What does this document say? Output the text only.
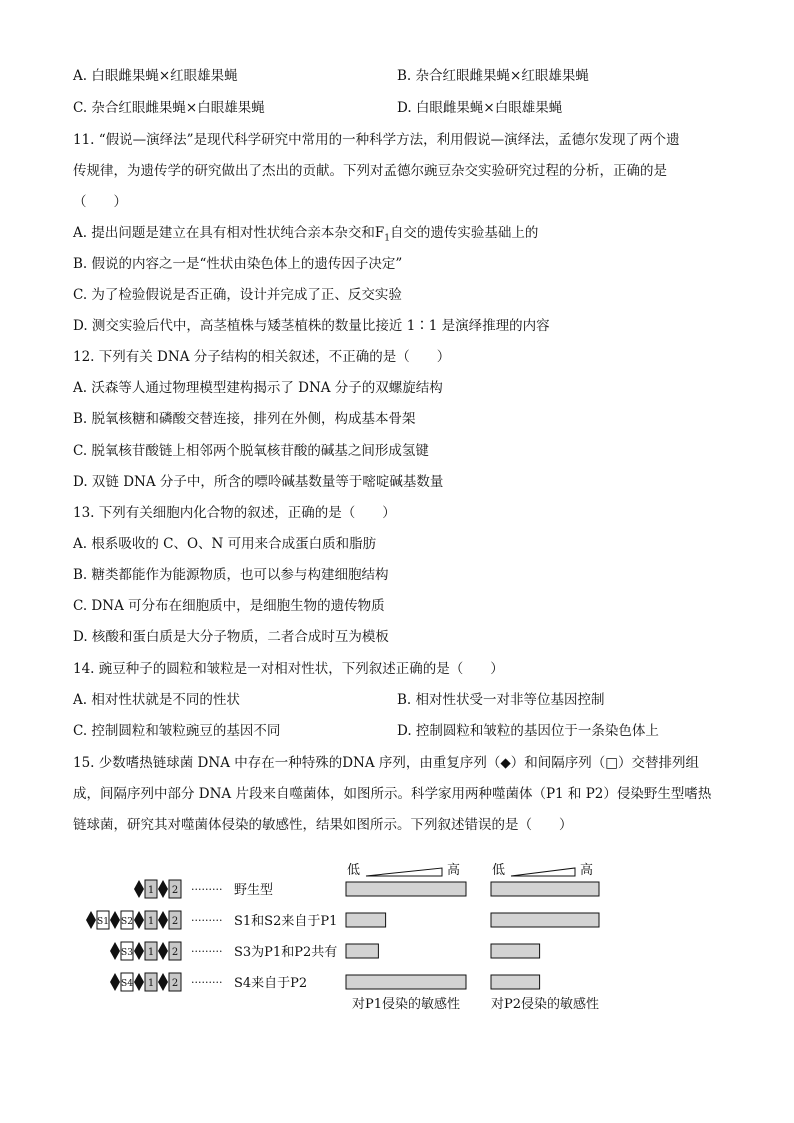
A. 白眼雌果蝇×红眼雄果蝇	B. 杂合红眼雌果蝇×红眼雄果蝇
C. 杂合红眼雌果蝇×白眼雄果蝇	D. 白眼雌果蝇×白眼雄果蝇
11. “假说—演绎法”是现代科学研究中常用的一种科学方法，利用假说—演绎法，孟德尔发现了两个遗
传规律，为遗传学的研究做出了杰出的贡献。下列对孟德尔豌豆杂交实验研究过程的分析，正确的是
（　　）
A. 提出问题是建立在具有相对性状纯合亲本杂交和$F_1$自交的遗传实验基础上的
B. 假说的内容之一是“性状由染色体上的遗传因子决定”
C. 为了检验假说是否正确，设计并完成了正、反交实验
D. 测交实验后代中，高茎植株与矮茎植株的数量比接近 1∶1 是演绎推理的内容
12. 下列有关 DNA 分子结构的相关叙述，不正确的是（　　）
A. 沃森等人通过物理模型建构揭示了 DNA 分子的双螺旋结构
B. 脱氧核糖和磷酸交替连接，排列在外侧，构成基本骨架
C. 脱氧核苷酸链上相邻两个脱氧核苷酸的碱基之间形成氢键
D. 双链 DNA 分子中，所含的嘌呤碱基数量等于嘧啶碱基数量
13. 下列有关细胞内化合物的叙述，正确的是（　　）
A. 根系吸收的 C、O、N 可用来合成蛋白质和脂肪
B. 糖类都能作为能源物质，也可以参与构建细胞结构
C. DNA 可分布在细胞质中，是细胞生物的遗传物质
D. 核酸和蛋白质是大分子物质，二者合成时互为模板
14. 豌豆种子的圆粒和皱粒是一对相对性状，下列叙述正确的是（　　）
A. 相对性状就是不同的性状	B. 相对性状受一对非等位基因控制
C. 控制圆粒和皱粒豌豆的基因不同	D. 控制圆粒和皱粒的基因位于一条染色体上
15. 少数嗜热链球菌 DNA 中存在一种特殊的DNA 序列，由重复序列（◆）和间隔序列（□）交替排列组
成，间隔序列中部分 DNA 片段来自噬菌体，如图所示。科学家用两种噬菌体（P1 和 P2）侵染野生型嗜热
链球菌，研究其对噬菌体侵染的敏感性，结果如图所示。下列叙述错误的是（　　）
1 2 ········· 野生型
S1 S2 1 2 ········· S1和S2来自于P1
S3 1 2 ········· S3为P1和P2共有
S4 1 2 ········· S4来自于P2
低	高
对P1侵染的敏感性
低	高
对P2侵染的敏感性
